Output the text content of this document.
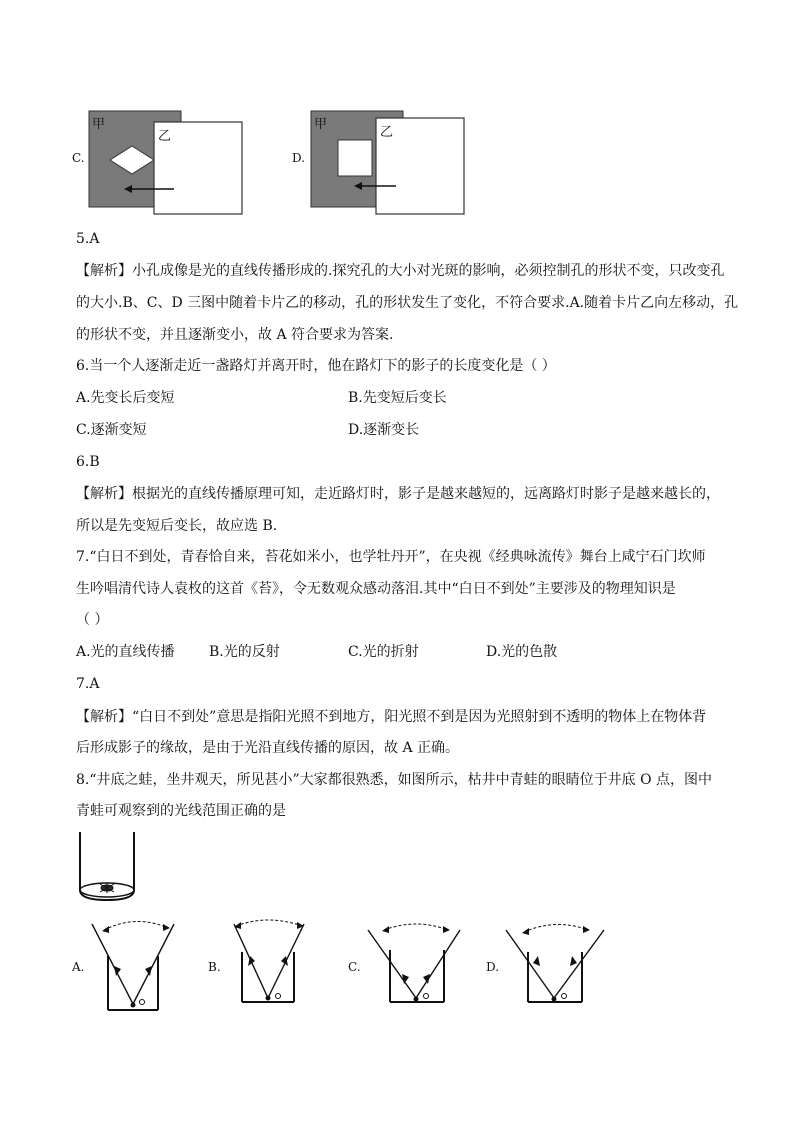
C.
甲
乙
D.
甲
乙
5.A
【解析】小孔成像是光的直线传播形成的.探究孔的大小对光斑的影响，必须控制孔的形状不变，只改变孔
的大小.B、C、D 三图中随着卡片乙的移动，孔的形状发生了变化，不符合要求.A.随着卡片乙向左移动，孔
的形状不变，并且逐渐变小，故 A 符合要求为答案.
6.当一个人逐渐走近一盏路灯并离开时，他在路灯下的影子的长度变化是（ ）
A.先变长后变短	B.先变短后变长
C.逐渐变短	D.逐渐变长
6.B
【解析】根据光的直线传播原理可知，走近路灯时，影子是越来越短的，远离路灯时影子是越来越长的，
所以是先变短后变长，故应选 B.
7.“白日不到处，青春恰自来，苔花如米小，也学牡丹开”，在央视《经典咏流传》舞台上咸宁石门坎师
生吟唱清代诗人袁枚的这首《苔》，令无数观众感动落泪.其中“白日不到处”主要涉及的物理知识是
（ ）
A.光的直线传播 B.光的反射	C.光的折射	D.光的色散
7.A
【解析】“白日不到处”意思是指阳光照不到地方，阳光照不到是因为光照射到不透明的物体上在物体背
后形成影子的缘故，是由于光沿直线传播的原因，故 A 正确。
8.“井底之蛙，坐井观天，所见甚小”大家都很熟悉，如图所示，枯井中青蛙的眼睛位于井底 O 点，图中
青蛙可观察到的光线范围正确的是
A.	B.	C.	D.
